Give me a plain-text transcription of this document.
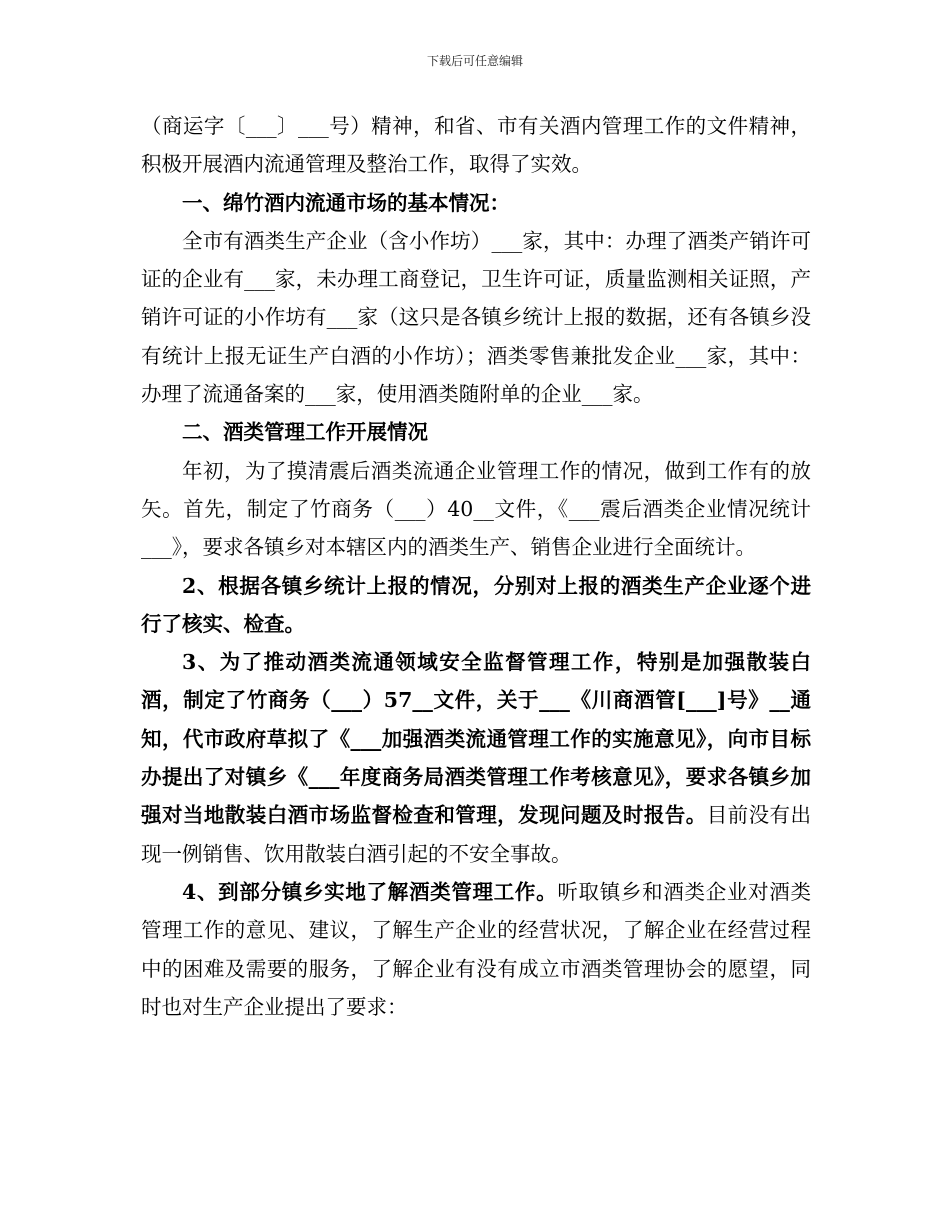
下载后可任意编辑

（商运字〔___〕___号）精神，和省、市有关酒内管理工作的文件精神，积极开展酒内流通管理及整治工作，取得了实效。

一、绵竹酒内流通市场的基本情况：

全市有酒类生产企业（含小作坊）___家，其中：办理了酒类产销许可证的企业有___家，未办理工商登记，卫生许可证，质量监测相关证照，产销许可证的小作坊有___家（这只是各镇乡统计上报的数据，还有各镇乡没有统计上报无证生产白酒的小作坊）；酒类零售兼批发企业___家，其中：办理了流通备案的___家，使用酒类随附单的企业___家。

二、酒类管理工作开展情况

年初，为了摸清震后酒类流通企业管理工作的情况，做到工作有的放矢。首先，制定了竹商务（___）40__文件，《___震后酒类企业情况统计___》，要求各镇乡对本辖区内的酒类生产、销售企业进行全面统计。

2、根据各镇乡统计上报的情况，分别对上报的酒类生产企业逐个进行了核实、检查。

3、为了推动酒类流通领域安全监督管理工作，特别是加强散装白酒，制定了竹商务（___）57__文件，关于___《川商酒管[___]号》__通知，代市政府草拟了《___加强酒类流通管理工作的实施意见》，向市目标办提出了对镇乡《___年度商务局酒类管理工作考核意见》，要求各镇乡加强对当地散装白酒市场监督检查和管理，发现问题及时报告。目前没有出现一例销售、饮用散装白酒引起的不安全事故。

4、到部分镇乡实地了解酒类管理工作。听取镇乡和酒类企业对酒类管理工作的意见、建议，了解生产企业的经营状况，了解企业在经营过程中的困难及需要的服务，了解企业有没有成立市酒类管理协会的愿望，同时也对生产企业提出了要求：
